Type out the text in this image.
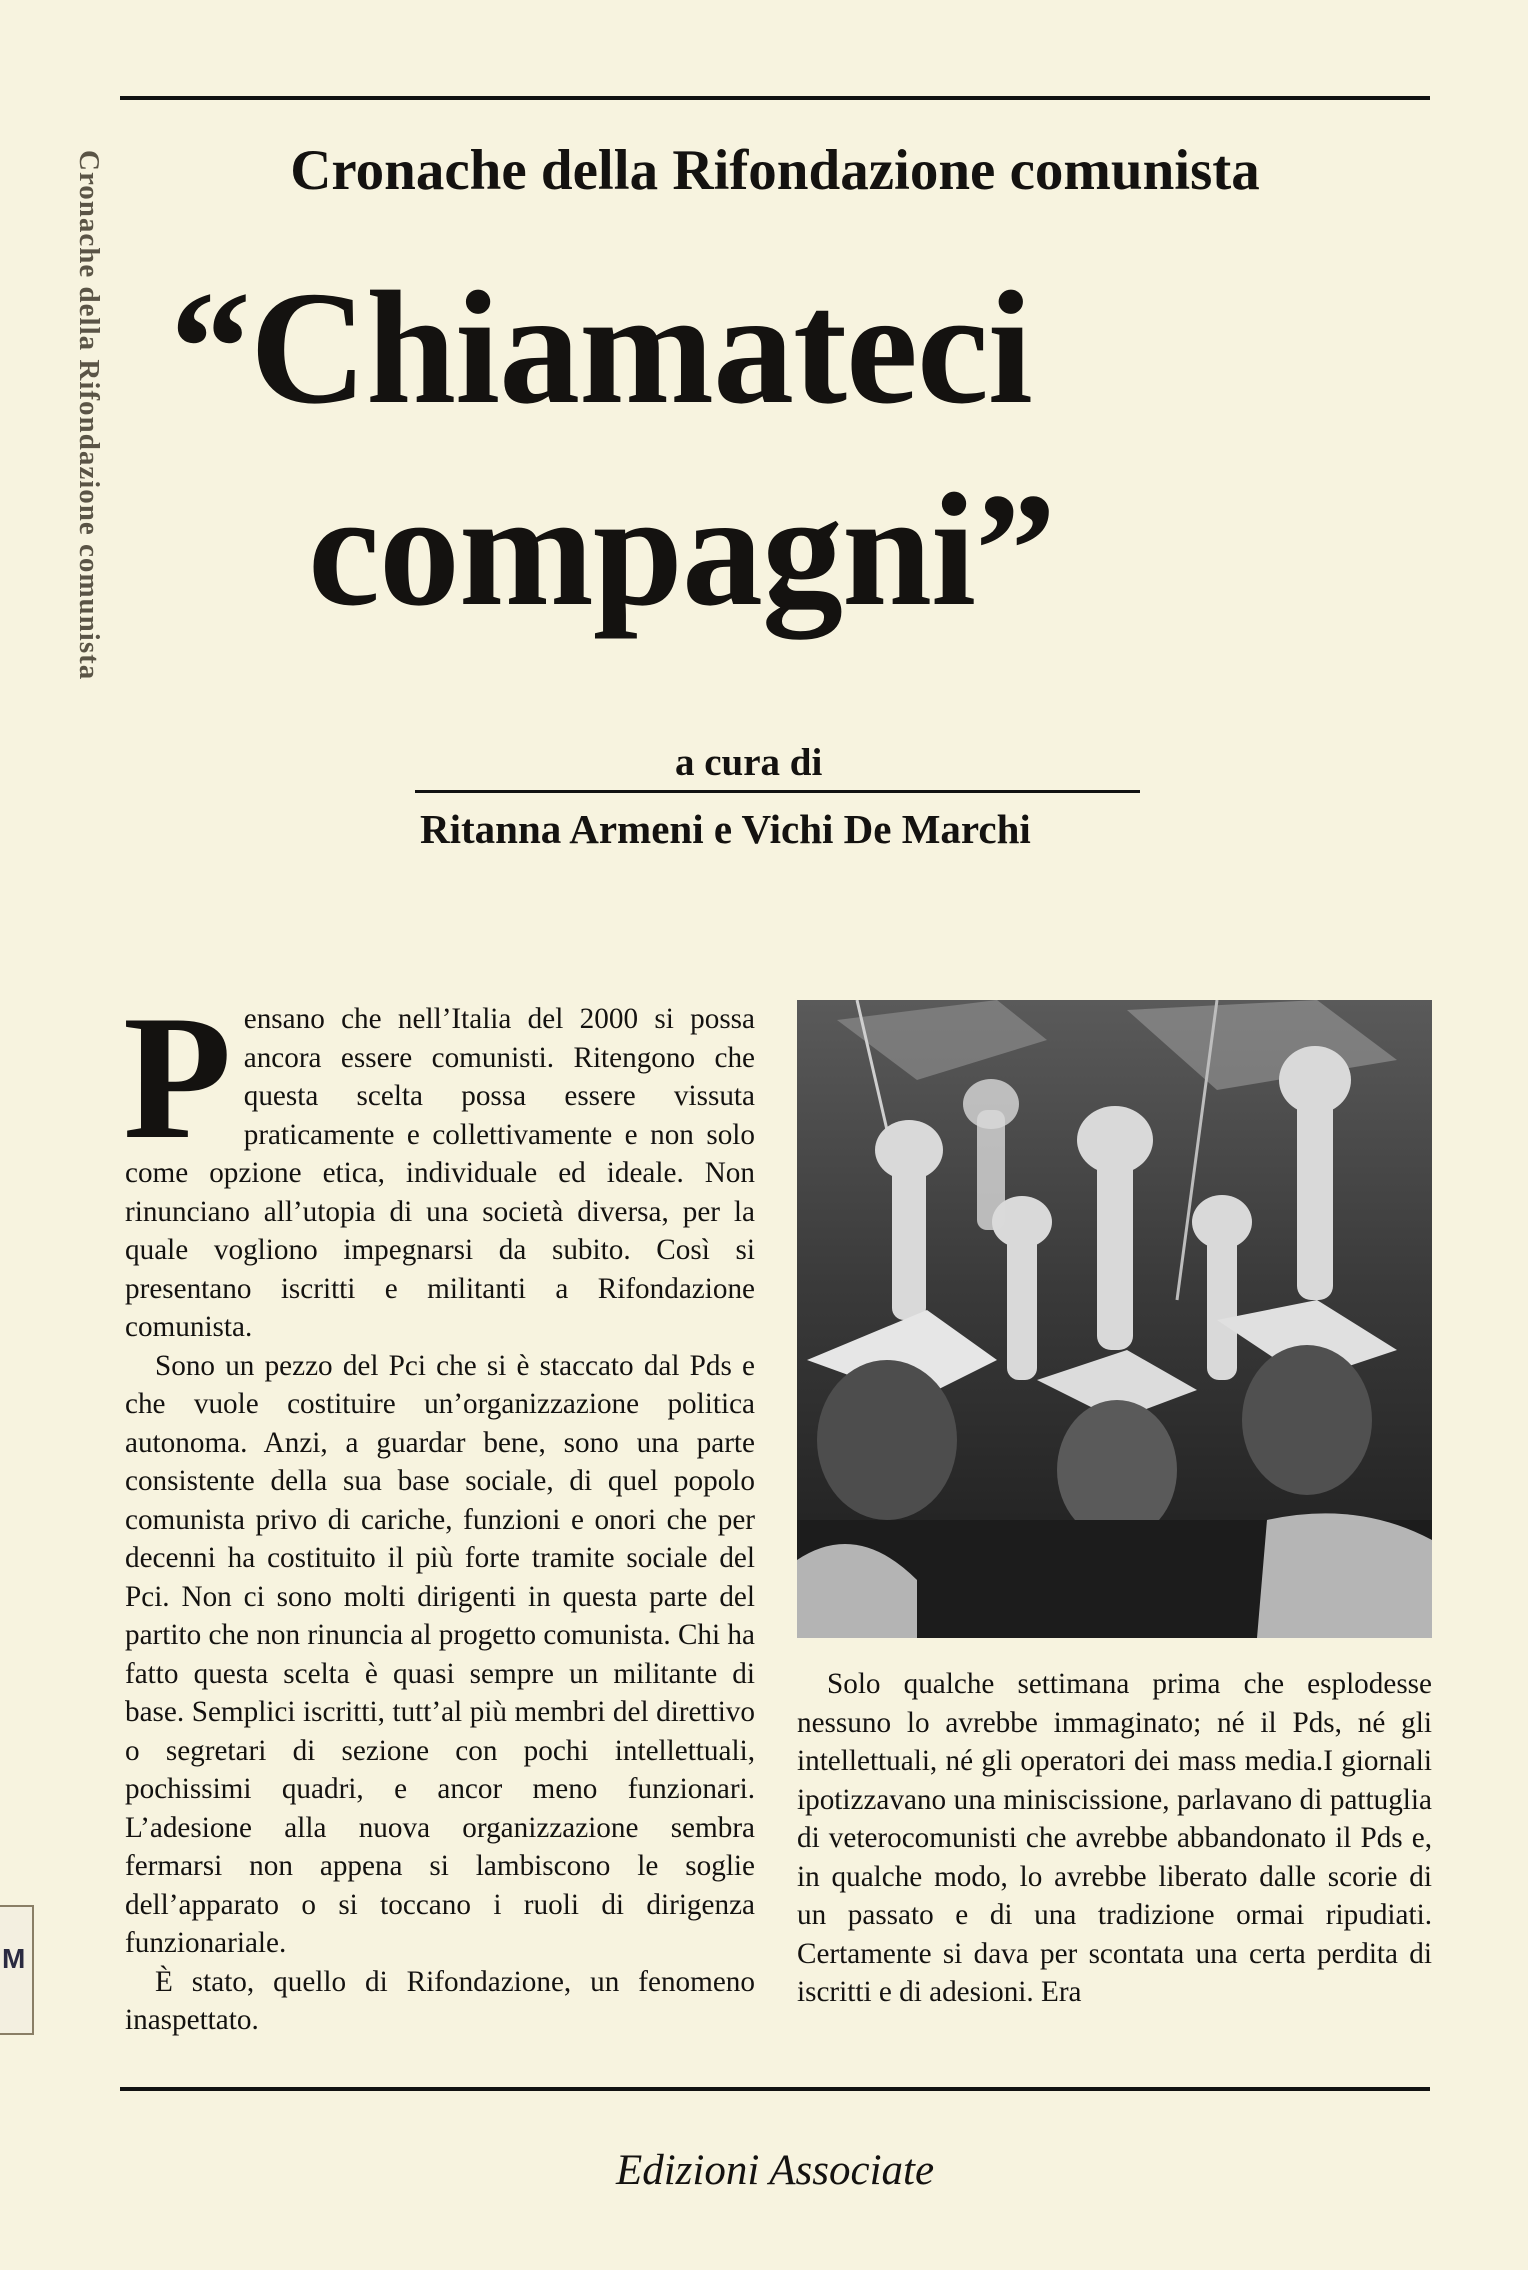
Cronache della Rifondazione comunista
M
Cronache della Rifondazione comunista
“Chiamateci
compagni”
a cura di
Ritanna Armeni e Vichi De Marchi
P ensano che nell’Italia del 2000 si possa ancora essere comunisti. Ritengono che questa scelta possa essere vissuta praticamente e collettivamente e non solo come opzione etica, individuale ed ideale. Non rinunciano all’utopia di una società diversa, per la quale vogliono impegnarsi da subito. Così si presentano iscritti e militanti a Rifondazione comunista.

Sono un pezzo del Pci che si è staccato dal Pds e che vuole costituire un’organizzazione politica autonoma. Anzi, a guardar bene, sono una parte consistente della sua base sociale, di quel popolo comunista privo di cariche, funzioni e onori che per decenni ha costituito il più forte tramite sociale del Pci. Non ci sono molti dirigenti in questa parte del partito che non rinuncia al progetto comunista. Chi ha fatto questa scelta è quasi sempre un militante di base. Semplici iscritti, tutt’al più membri del direttivo o segretari di sezione con pochi intellettuali, pochissimi quadri, e ancor meno funzionari. L’adesione alla nuova organizzazione sembra fermarsi non appena si lambiscono le soglie dell’apparato o si toccano i ruoli di dirigenza funzionariale.

È stato, quello di Rifondazione, un fenomeno inaspettato.

Solo qualche settimana prima che esplodesse nessuno lo avrebbe immaginato; né il Pds, né gli intellettuali, né gli operatori dei mass media.I giornali ipotizzavano una miniscissione, parlavano di pattuglia di veterocomunisti che avrebbe abbandonato il Pds e, in qualche modo, lo avrebbe liberato dalle scorie di un passato e di una tradizione ormai ripudiati. Certamente si dava per scontata una certa perdita di iscritti e di adesioni. Era

Edizioni Associate
